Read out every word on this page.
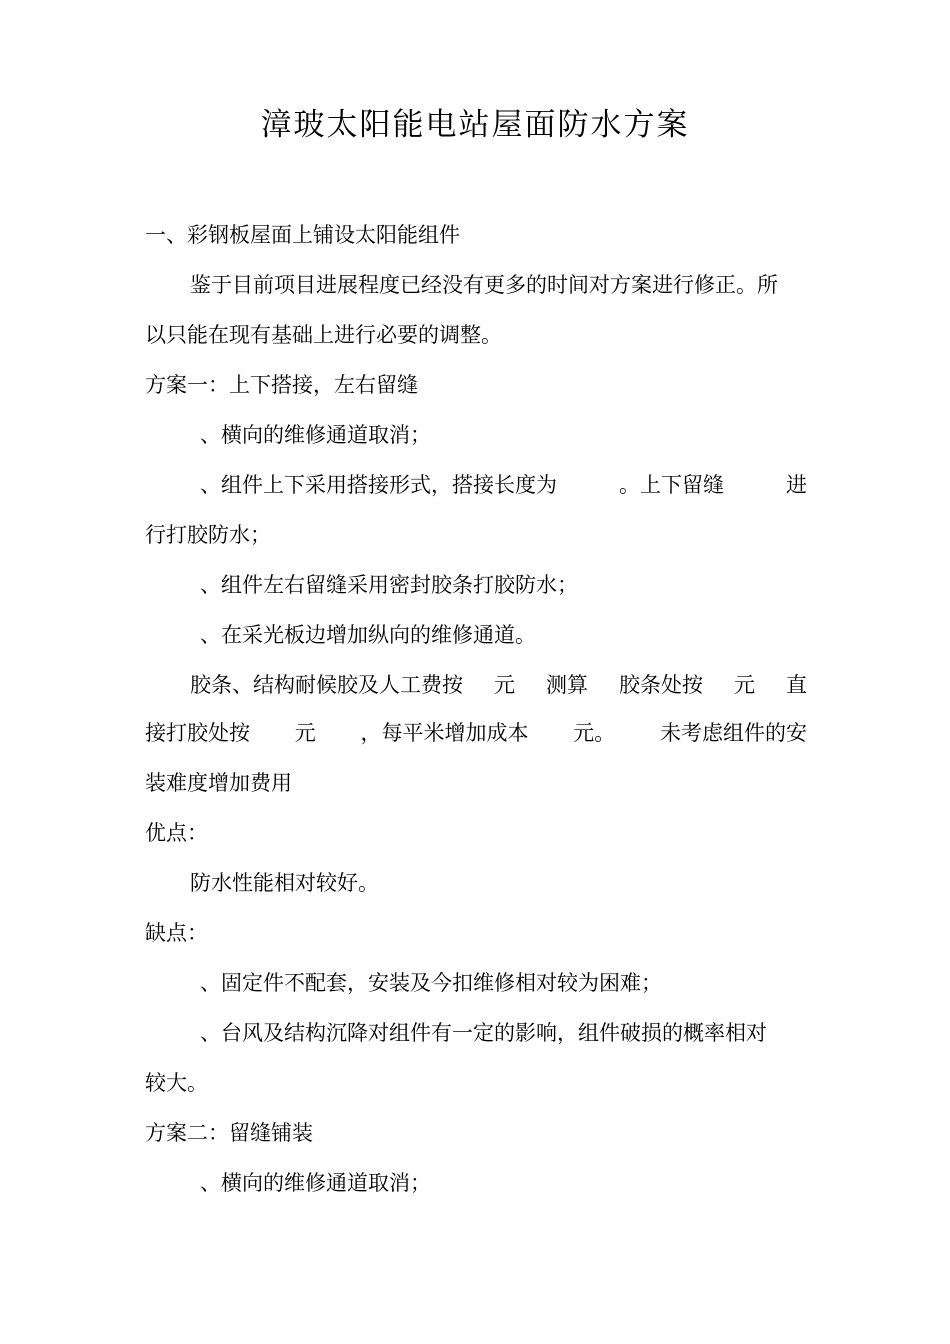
漳玻太阳能电站屋面防水方案

一、彩钢板屋面上铺设太阳能组件

鉴于目前项目进展程度已经没有更多的时间对方案进行修正。所

以只能在现有基础上进行必要的调整。

方案一：上下搭接，左右留缝

、横向的维修通道取消；

、组件上下采用搭接形式，搭接长度为	。上下留缝	进

行打胶防水；

、组件左右留缝采用密封胶条打胶防水；

、在采光板边增加纵向的维修通道。

胶条、结构耐候胶及人工费按 元 测算 胶条处按 元 直
接打胶处按 元 ，每平米增加成本 元。 未考虑组件的安

装难度增加费用

优点：

防水性能相对较好。

缺点：

、固定件不配套，安装及今扣维修相对较为困难；

、台风及结构沉降对组件有一定的影响，组件破损的概率相对

较大。

方案二：留缝铺装

、横向的维修通道取消；
